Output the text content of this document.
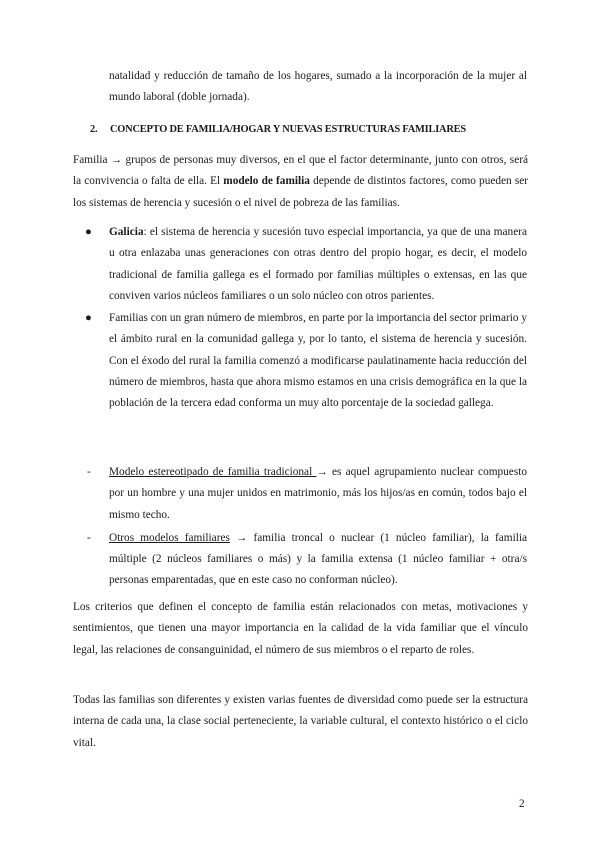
natalidad y reducción de tamaño de los hogares, sumado a la incorporación de la mujer al mundo laboral (doble jornada).

2. CONCEPTO DE FAMILIA/HOGAR Y NUEVAS ESTRUCTURAS FAMILIARES

Familia → grupos de personas muy diversos, en el que el factor determinante, junto con otros, será la convivencia o falta de ella. El modelo de familia depende de distintos factores, como pueden ser los sistemas de herencia y sucesión o el nivel de pobreza de las familias.

● Galicia: el sistema de herencia y sucesión tuvo especial importancia, ya que de una manera u otra enlazaba unas generaciones con otras dentro del propio hogar, es decir, el modelo tradicional de familia gallega es el formado por familias múltiples o extensas, en las que conviven varios núcleos familiares o un solo núcleo con otros parientes.

● Familias con un gran número de miembros, en parte por la importancia del sector primario y el ámbito rural en la comunidad gallega y, por lo tanto, el sistema de herencia y sucesión. Con el éxodo del rural la familia comenzó a modificarse paulatinamente hacia reducción del número de miembros, hasta que ahora mismo estamos en una crisis demográfica en la que la población de la tercera edad conforma un muy alto porcentaje de la sociedad gallega.

- Modelo estereotipado de familia tradicional → es aquel agrupamiento nuclear compuesto por un hombre y una mujer unidos en matrimonio, más los hijos/as en común, todos bajo el mismo techo.

- Otros modelos familiares → familia troncal o nuclear (1 núcleo familiar), la familia múltiple (2 núcleos familiares o más) y la familia extensa (1 núcleo familiar + otra/s personas emparentadas, que en este caso no conforman núcleo).

Los criterios que definen el concepto de familia están relacionados con metas, motivaciones y sentimientos, que tienen una mayor importancia en la calidad de la vida familiar que el vínculo legal, las relaciones de consanguinidad, el número de sus miembros o el reparto de roles.

Todas las familias son diferentes y existen varias fuentes de diversidad como puede ser la estructura interna de cada una, la clase social perteneciente, la variable cultural, el contexto histórico o el ciclo vital.

2
